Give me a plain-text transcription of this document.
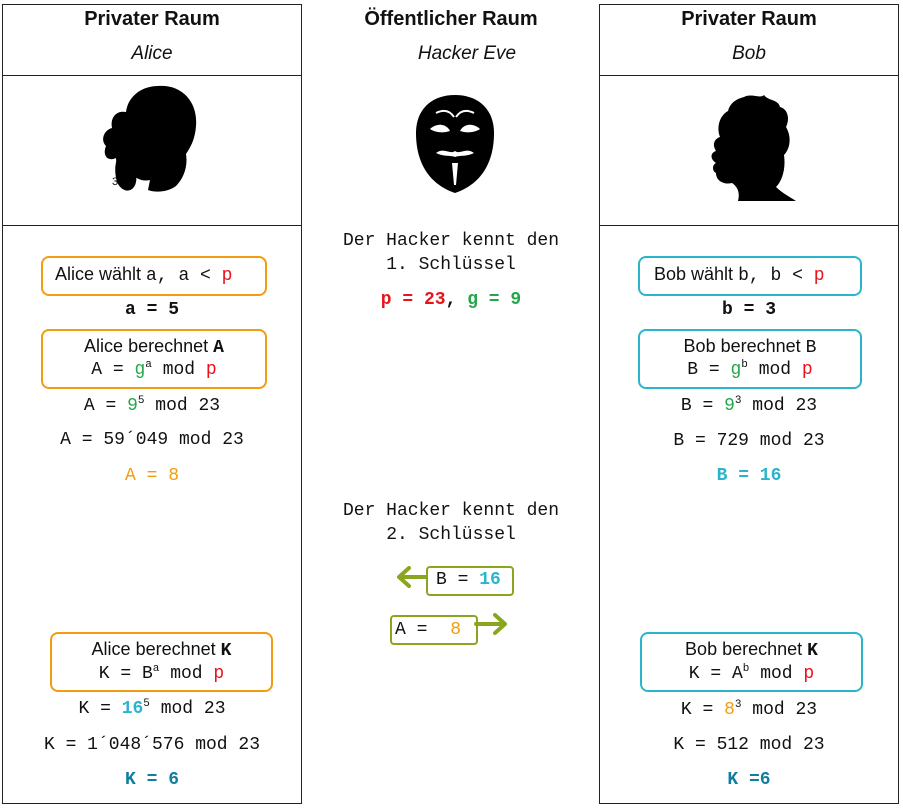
Privater Raum
Alice
3
Alice wählt a, a < p
a = 5
Alice berechnet A
$A = g^a$ mod p
$A = 9^5$ mod 23
A = 59´049 mod 23
A = 8
Alice berechnet K
$K = B^a$ mod p
$K = 16^5$ mod 23
K = 1´048´576 mod 23
K = 6
Öffentlicher Raum
Hacker Eve
Der Hacker kennt den
1. Schlüssel
p = 23, g = 9
Der Hacker kennt den
2. Schlüssel
B = 16
A = 8
Privater Raum
Bob
Bob wählt b, b < p
b = 3
Bob berechnet B
$B = g^b$ mod p
$B = 9^3$ mod 23
B = 729 mod 23
B = 16
Bob berechnet K
$K = A^b$ mod p
$K = 8^3$ mod 23
K = 512 mod 23
K =6
